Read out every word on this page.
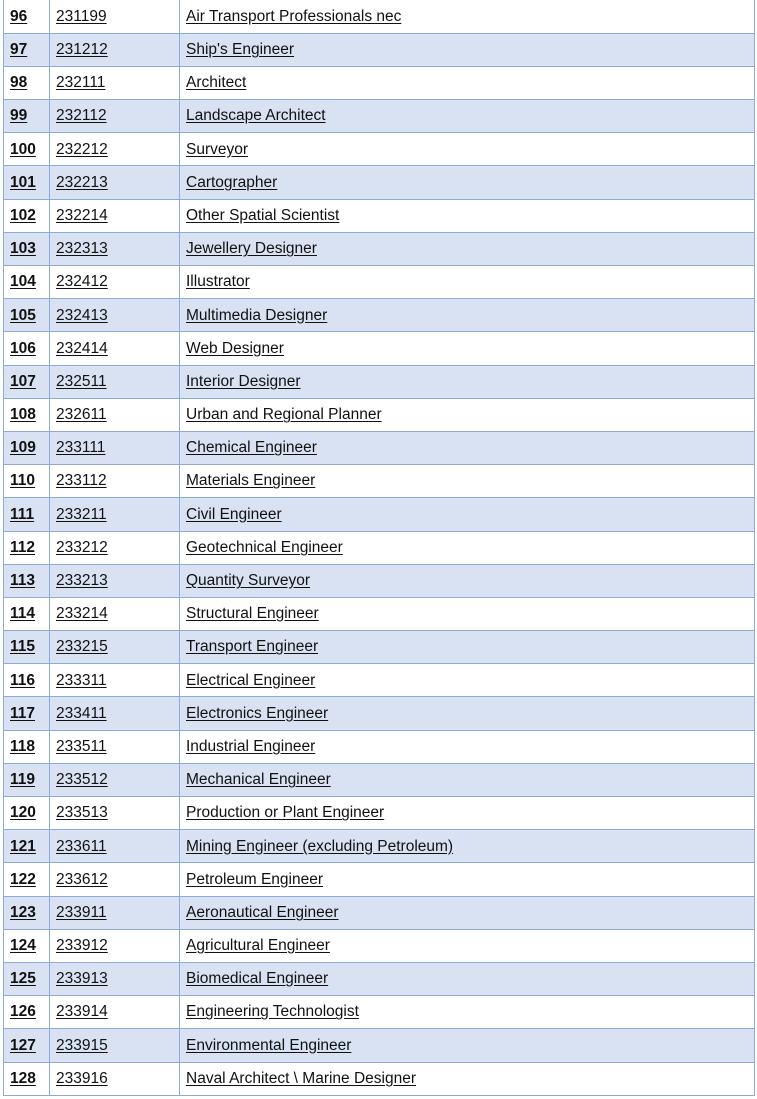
96	231199	Air Transport Professionals nec
97	231212	Ship's Engineer
98	232111	Architect
99	232112	Landscape Architect
100	232212	Surveyor
101	232213	Cartographer
102	232214	Other Spatial Scientist
103	232313	Jewellery Designer
104	232412	Illustrator
105	232413	Multimedia Designer
106	232414	Web Designer
107	232511	Interior Designer
108	232611	Urban and Regional Planner
109	233111	Chemical Engineer
110	233112	Materials Engineer
111	233211	Civil Engineer
112	233212	Geotechnical Engineer
113	233213	Quantity Surveyor
114	233214	Structural Engineer
115	233215	Transport Engineer
116	233311	Electrical Engineer
117	233411	Electronics Engineer
118	233511	Industrial Engineer
119	233512	Mechanical Engineer
120	233513	Production or Plant Engineer
121	233611	Mining Engineer (excluding Petroleum)
122	233612	Petroleum Engineer
123	233911	Aeronautical Engineer
124	233912	Agricultural Engineer
125	233913	Biomedical Engineer
126	233914	Engineering Technologist
127	233915	Environmental Engineer
128	233916	Naval Architect \ Marine Designer
